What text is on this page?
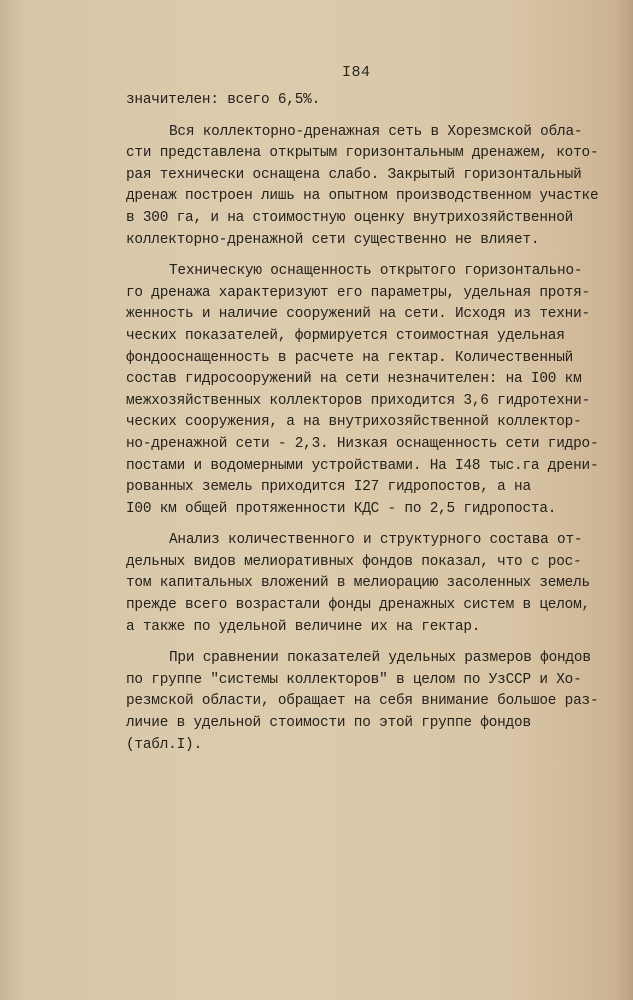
I84
значителен: всего 6,5%.
Вся коллекторно-дренажная сеть в Хорезмской обла-
сти представлена открытым горизонтальным дренажем, кото-
рая технически оснащена слабо. Закрытый горизонтальный
дренаж построен лишь на опытном производственном участке
в 300 га, и на стоимостную оценку внутрихозяйственной
коллекторно-дренажной сети существенно не влияет.
Техническую оснащенность открытого горизонтально-
го дренажа характеризуют его параметры, удельная протя-
женность и наличие сооружений на сети. Исходя из техни-
ческих показателей, формируется стоимостная удельная
фондооснащенность в расчете на гектар. Количественный
состав гидросооружений на сети незначителен: на I00 км
межхозяйственных коллекторов приходится 3,6 гидротехни-
ческих сооружения, а на внутрихозяйственной коллектор-
но-дренажной сети - 2,3. Низкая оснащенность сети гидро-
постами и водомерными устройствами. На I48 тыс.га дрени-
рованных земель приходится I27 гидропостов, а на
I00 км общей протяженности КДС - по 2,5 гидропоста.
Анализ количественного и структурного состава от-
дельных видов мелиоративных фондов показал, что с рос-
том капитальных вложений в мелиорацию засоленных земель
прежде всего возрастали фонды дренажных систем в целом,
а также по удельной величине их на гектар.
При сравнении показателей удельных размеров фондов
по группе "системы коллекторов" в целом по УзССР и Хо-
резмской области, обращает на себя внимание большое раз-
личие в удельной стоимости по этой группе фондов
(табл.I).
